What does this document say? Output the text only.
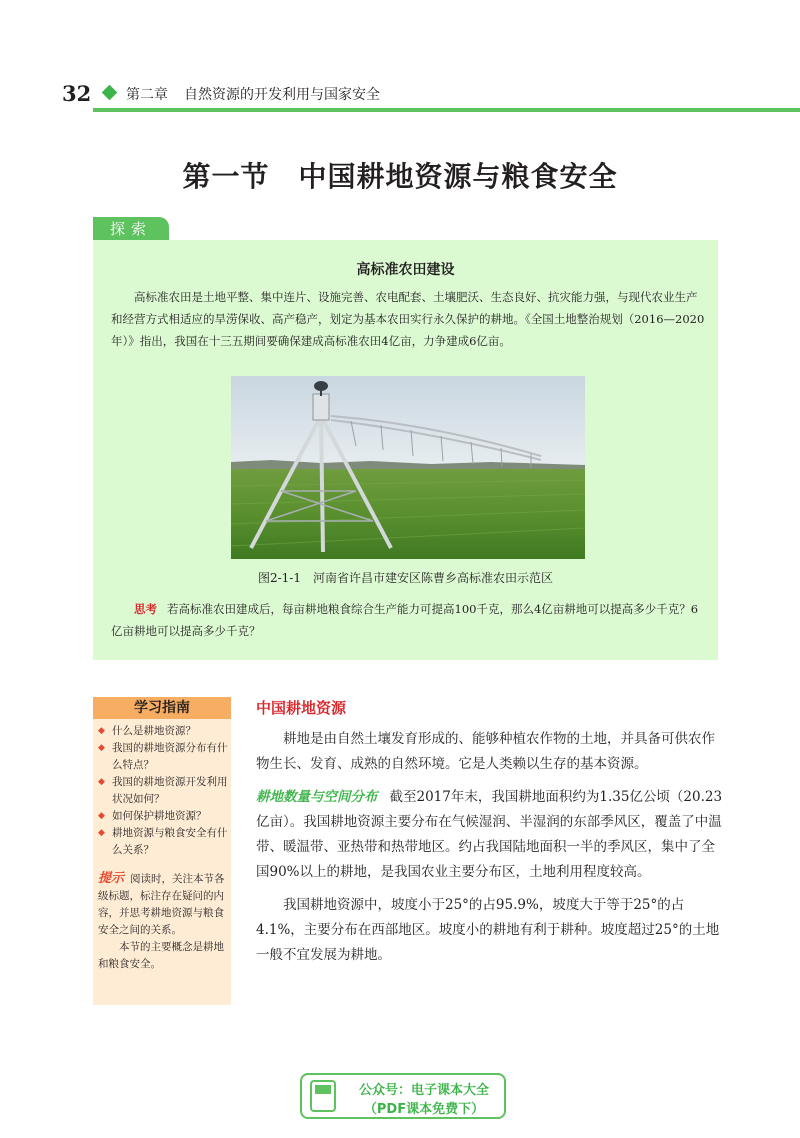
32 第二章 自然资源的开发利用与国家安全
第一节　中国耕地资源与粮食安全
探索
高标准农田建设

高标准农田是土地平整、集中连片、设施完善、农电配套、土壤肥沃、生态良好、抗灾能力强，与现代农业生产和经营方式相适应的旱涝保收、高产稳产，划定为基本农田实行永久保护的耕地。《全国土地整治规划（2016—2020年）》指出，我国在十三五期间要确保建成高标准农田4亿亩，力争建成6亿亩。

图2-1-1　河南省许昌市建安区陈曹乡高标准农田示范区

思考 若高标准农田建成后，每亩耕地粮食综合生产能力可提高100千克，那么4亿亩耕地可以提高多少千克？6亿亩耕地可以提高多少千克？

学习指南
◆ 什么是耕地资源？
◆ 我国的耕地资源分布有什么特点？
◆ 我国的耕地资源开发利用状况如何？
◆ 如何保护耕地资源？
◆ 耕地资源与粮食安全有什么关系？

提示 阅读时，关注本节各级标题，标注存在疑问的内容，并思考耕地资源与粮食安全之间的关系。

本节的主要概念是耕地和粮食安全。

中国耕地资源

耕地是由自然土壤发育形成的、能够种植农作物的土地，并具备可供农作物生长、发育、成熟的自然环境。它是人类赖以生存的基本资源。

耕地数量与空间分布 截至2017年末，我国耕地面积约为1.35亿公顷（20.23亿亩）。我国耕地资源主要分布在气候湿润、半湿润的东部季风区，覆盖了中温带、暖温带、亚热带和热带地区。约占我国陆地面积一半的季风区，集中了全国90%以上的耕地，是我国农业主要分布区，土地利用程度较高。

我国耕地资源中，坡度小于25°的占95.9%，坡度大于等于25°的占4.1%，主要分布在西部地区。坡度小的耕地有利于耕种。坡度超过25°的土地一般不宜发展为耕地。

公众号：电子课本大全
（PDF课本免费下）
